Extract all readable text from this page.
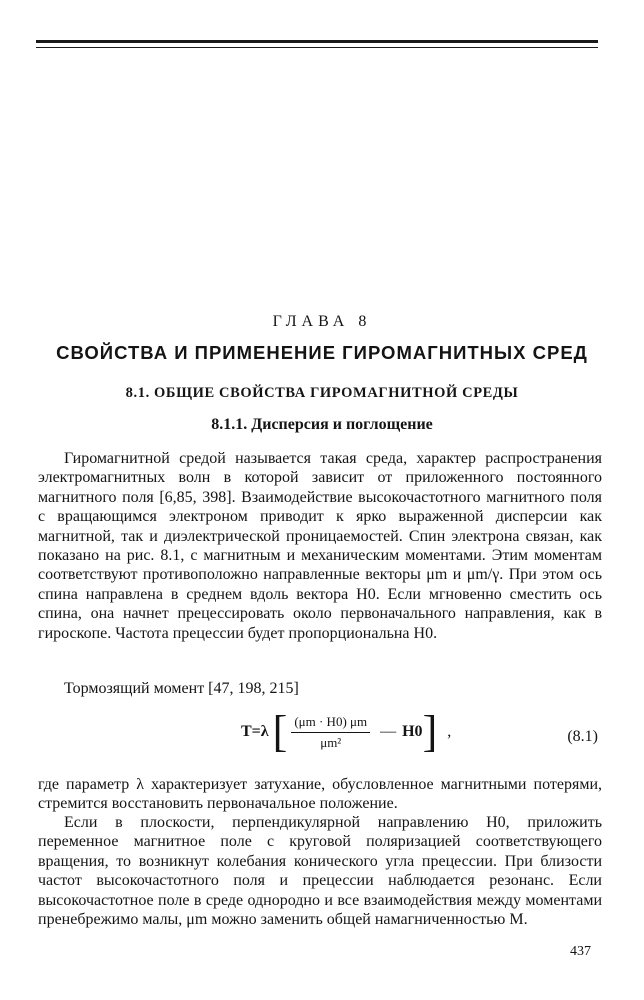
ГЛАВА 8
СВОЙСТВА И ПРИМЕНЕНИЕ ГИРОМАГНИТНЫХ СРЕД
8.1. ОБЩИЕ СВОЙСТВА ГИРОМАГНИТНОЙ СРЕДЫ
8.1.1. Дисперсия и поглощение

Гиромагнитной средой называется такая среда, характер распространения электромагнитных волн в которой зависит от приложенного постоянного магнитного поля [6,85, 398]. Взаимодействие высокочастотного магнитного поля с вращающимся электроном приводит к ярко выраженной дисперсии как магнитной, так и диэлектрической проницаемостей. Спин электрона связан, как показано на рис. 8.1, с магнитным и механическим моментами. Этим моментам соответствуют противоположно направленные векторы μm и μm/γ. При этом ось спина направлена в среднем вдоль вектора H0. Если мгновенно сместить ось спина, она начнет прецессировать около первоначального направления, как в гироскопе. Частота прецессии будет пропорциональна H0.

Тормозящий момент [47, 198, 215]

T=λ [ $\frac{(\mu m \cdot H0) \mu m}{\text{μm²}}$ — H0 ] ,	(8.1)

где параметр λ характеризует затухание, обусловленное магнитными потерями, стремится восстановить первоначальное положение.

Если в плоскости, перпендикулярной направлению H0, приложить переменное магнитное поле с круговой поляризацией соответствующего вращения, то возникнут колебания конического угла прецессии. При близости частот высокочастотного поля и прецессии наблюдается резонанс. Если высокочастотное поле в среде однородно и все взаимодействия между моментами пренебрежимо малы, μm можно заменить общей намагниченностью M.

437
